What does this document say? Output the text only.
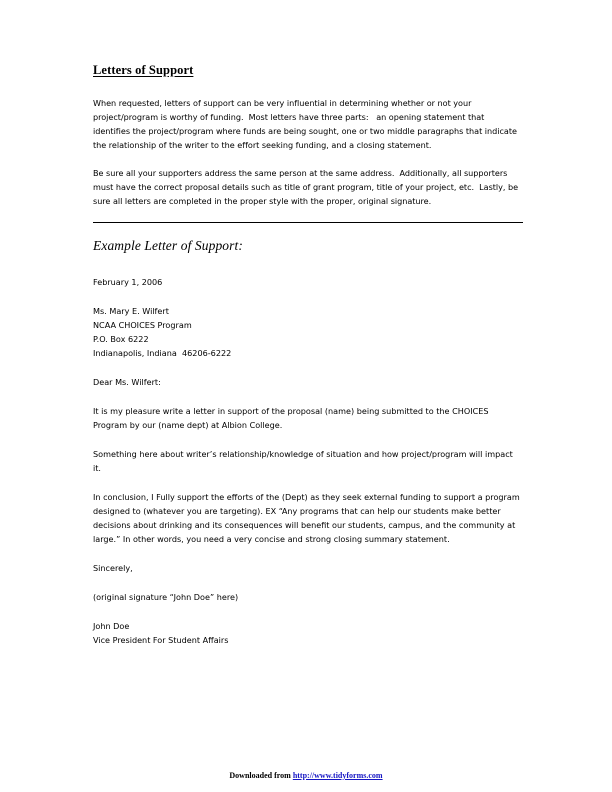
Letters of Support

When requested, letters of support can be very influential in determining whether or not your project/program is worthy of funding.  Most letters have three parts:   an opening statement that identifies the project/program where funds are being sought, one or two middle paragraphs that indicate the relationship of the writer to the effort seeking funding, and a closing statement.

Be sure all your supporters address the same person at the same address.  Additionally, all supporters must have the correct proposal details such as title of grant program, title of your project, etc.  Lastly, be sure all letters are completed in the proper style with the proper, original signature.

Example Letter of Support:

February 1, 2006

Ms. Mary E. Wilfert
NCAA CHOICES Program
P.O. Box 6222
Indianapolis, Indiana  46206-6222

Dear Ms. Wilfert:

It is my pleasure write a letter in support of the proposal (name) being submitted to the CHOICES Program by our (name dept) at Albion College.

Something here about writer’s relationship/knowledge of situation and how project/program will impact it.

In conclusion, I Fully support the efforts of the (Dept) as they seek external funding to support a program designed to (whatever you are targeting). EX “Any programs that can help our students make better decisions about drinking and its consequences will benefit our students, campus, and the community at large.” In other words, you need a very concise and strong closing summary statement.

Sincerely,

(original signature “John Doe” here)

John Doe
Vice President For Student Affairs
Downloaded from http://www.tidyforms.com
